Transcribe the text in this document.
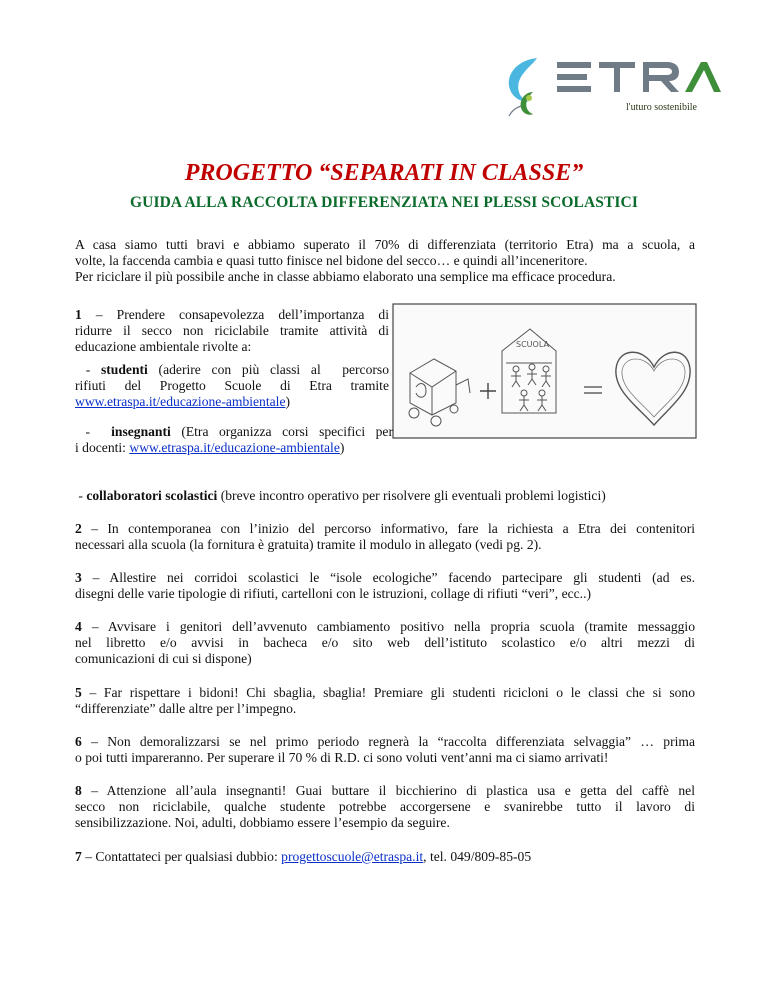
l'uturo sostenibile
PROGETTO “SEPARATI IN CLASSE”
GUIDA ALLA RACCOLTA DIFFERENZIATA NEI PLESSI SCOLASTICI
A casa siamo tutti bravi e abbiamo superato il 70% di differenziata (territorio Etra) ma a scuola, a
volte, la faccenda cambia e quasi tutto finisce nel bidone del secco… e quindi all’inceneritore.
Per riciclare il più possibile anche in classe abbiamo elaborato una semplice ma efficace procedura.
SCUOLA
1 – Prendere consapevolezza dell’importanza di
ridurre il secco non riciclabile tramite attività di
educazione ambientale rivolte a:
- studenti (aderire con più classi al  percorso
rifiuti del Progetto Scuole di Etra tramite
www.etraspa.it/educazione-ambientale)
-  insegnanti (Etra organizza corsi specifici per
i docenti: www.etraspa.it/educazione-ambientale)
- collaboratori scolastici (breve incontro operativo per risolvere gli eventuali problemi logistici)
2 – In contemporanea con l’inizio del percorso informativo, fare la richiesta a Etra dei contenitori
necessari alla scuola (la fornitura è gratuita) tramite il modulo in allegato (vedi pg. 2).
3 – Allestire nei corridoi scolastici le “isole ecologiche” facendo partecipare gli studenti (ad es.
disegni delle varie tipologie di rifiuti, cartelloni con le istruzioni, collage di rifiuti “veri”, ecc..)
4 – Avvisare i genitori dell’avvenuto cambiamento positivo nella propria scuola (tramite messaggio
nel libretto e/o avvisi in bacheca e/o sito web dell’istituto scolastico e/o altri mezzi di
comunicazioni di cui si dispone)
5 – Far rispettare i bidoni! Chi sbaglia, sbaglia! Premiare gli studenti ricicloni o le classi che si sono
“differenziate” dalle altre per l’impegno.
6 – Non demoralizzarsi se nel primo periodo regnerà la “raccolta differenziata selvaggia” … prima
o poi tutti impareranno. Per superare il 70 % di R.D. ci sono voluti vent’anni ma ci siamo arrivati!
8 – Attenzione all’aula insegnanti! Guai buttare il bicchierino di plastica usa e getta del caffè nel
secco non riciclabile, qualche studente potrebbe accorgersene e svanirebbe tutto il lavoro di
sensibilizzazione. Noi, adulti, dobbiamo essere l’esempio da seguire.
7 – Contattateci per qualsiasi dubbio: progettoscuole@etraspa.it, tel. 049/809-85-05
